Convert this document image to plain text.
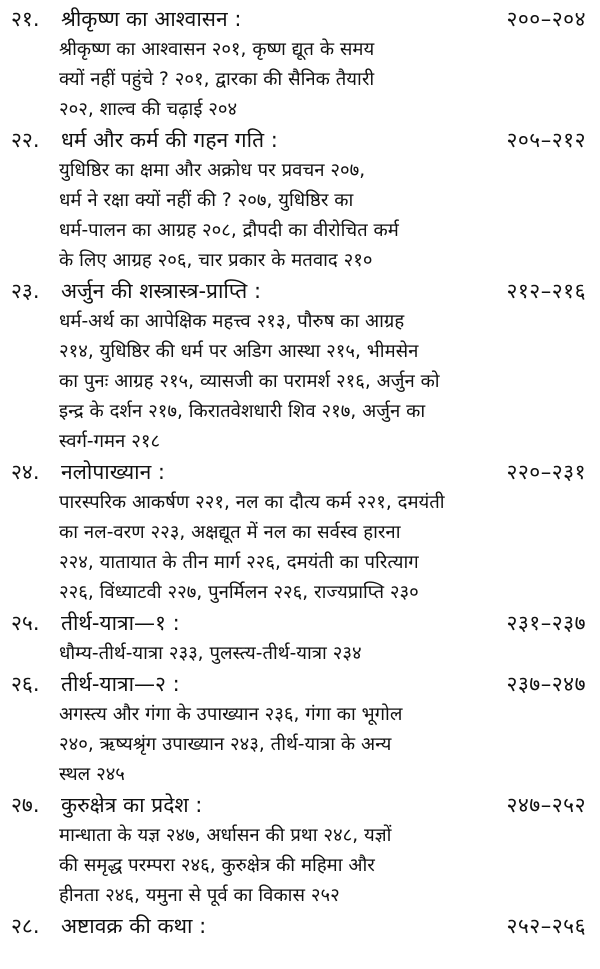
२१.	श्रीकृष्ण का आश्वासन :	२००–२०४
श्रीकृष्ण का आश्वासन २०१, कृष्ण द्यूत के समय
क्यों नहीं पहुंचे ? २०१, द्वारका की सैनिक तैयारी
२०२, शाल्व की चढ़ाई २०४
२२.	धर्म और कर्म की गहन गति :	२०५–२१२
युधिष्ठिर का क्षमा और अक्रोध पर प्रवचन २०७,
धर्म ने रक्षा क्यों नहीं की ? २०७, युधिष्ठिर का
धर्म-पालन का आग्रह २०८, द्रौपदी का वीरोचित कर्म
के लिए आग्रह २०६, चार प्रकार के मतवाद २१०
२३.	अर्जुन की शस्त्रास्त्र-प्राप्ति :	२१२–२१६
धर्म-अर्थ का आपेक्षिक महत्त्व २१३, पौरुष का आग्रह
२१४, युधिष्ठिर की धर्म पर अडिग आस्था २१५, भीमसेन
का पुनः आग्रह २१५, व्यासजी का परामर्श २१६, अर्जुन को
इन्द्र के दर्शन २१७, किरातवेशधारी शिव २१७, अर्जुन का
स्वर्ग-गमन २१८
२४.	नलोपाख्यान :	२२०–२३१
पारस्परिक आकर्षण २२१, नल का दौत्य कर्म २२१, दमयंती
का नल-वरण २२३, अक्षद्यूत में नल का सर्वस्व हारना
२२४, यातायात के तीन मार्ग २२६, दमयंती का परित्याग
२२६, विंध्याटवी २२७, पुनर्मिलन २२६, राज्यप्राप्ति २३०
२५.	तीर्थ-यात्रा—१ :	२३१–२३७
धौम्य-तीर्थ-यात्रा २३३, पुलस्त्य-तीर्थ-यात्रा २३४
२६.	तीर्थ-यात्रा—२ :	२३७–२४७
अगस्त्य और गंगा के उपाख्यान २३६, गंगा का भूगोल
२४०, ऋष्यश्रृंग उपाख्यान २४३, तीर्थ-यात्रा के अन्य
स्थल २४५
२७.	कुरुक्षेत्र का प्रदेश :	२४७–२५२
मान्धाता के यज्ञ २४७, अर्धासन की प्रथा २४८, यज्ञों
की समृद्ध परम्परा २४६, कुरुक्षेत्र की महिमा और
हीनता २४६, यमुना से पूर्व का विकास २५२
२८.	अष्टावक्र की कथा :	२५२–२५६
